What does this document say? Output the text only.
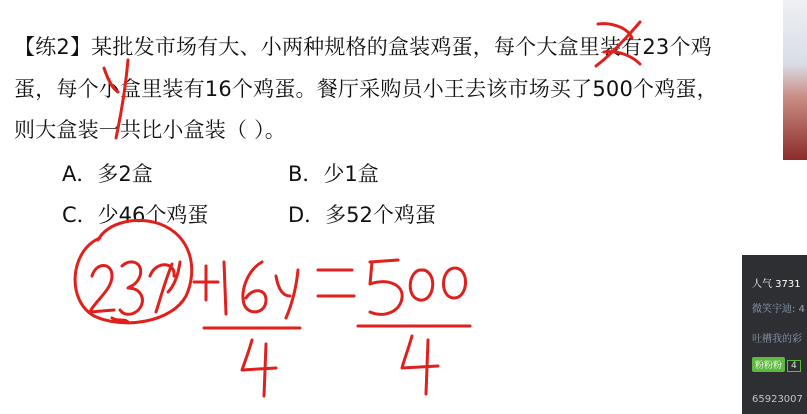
【练2】某批发市场有大、小两种规格的盒装鸡蛋，每个大盒里装有23个鸡
蛋，每个小盒里装有16个鸡蛋。餐厅采购员小王去该市场买了500个鸡蛋，
则大盒装一共比小盒装（ ）。
A．多2盒	B．少1盒
C．少46个鸡蛋	D．多52个鸡蛋
人气 3731
微笑宇迪: 4
吐槽我的彩
粉粉粉 4
65923007
